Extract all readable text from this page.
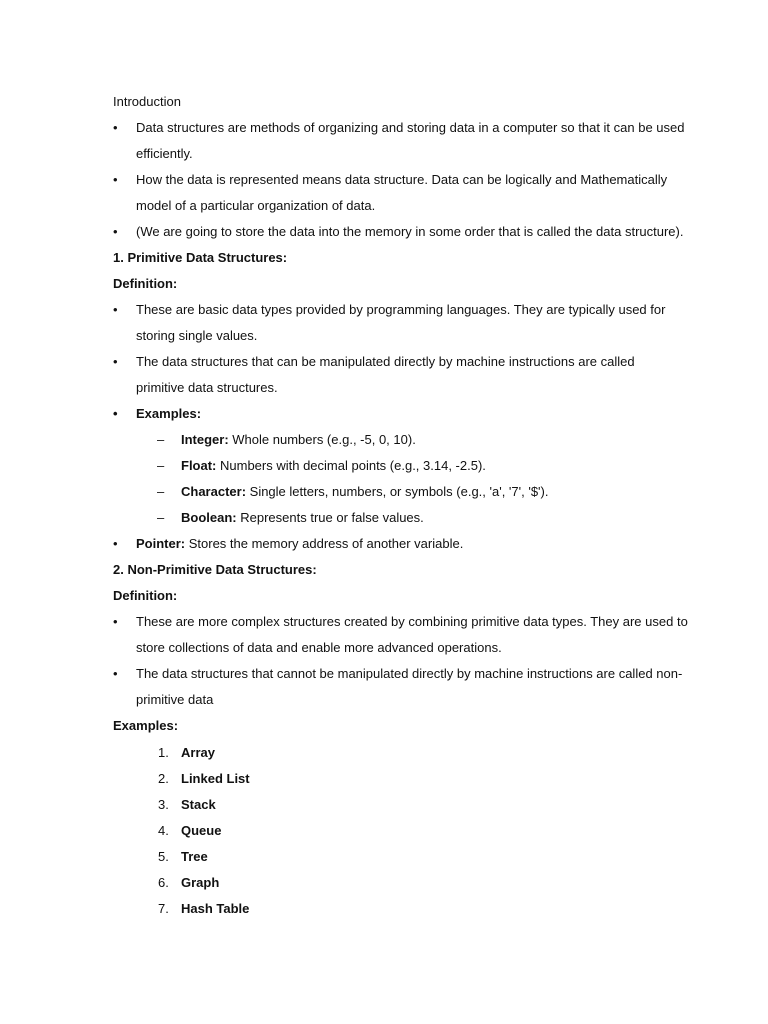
Introduction
• Data structures are methods of organizing and storing data in a computer so that it can be used
efficiently.
• How the data is represented means data structure. Data can be logically and Mathematically
model of a particular organization of data.
• (We are going to store the data into the memory in some order that is called the data structure).
1. Primitive Data Structures:
Definition:
• These are basic data types provided by programming languages. They are typically used for
storing single values.
• The data structures that can be manipulated directly by machine instructions are called
primitive data structures.
• Examples:
– Integer: Whole numbers (e.g., -5, 0, 10).
– Float: Numbers with decimal points (e.g., 3.14, -2.5).
– Character: Single letters, numbers, or symbols (e.g., 'a', '7', '$').
– Boolean: Represents true or false values.
• Pointer: Stores the memory address of another variable.
2. Non-Primitive Data Structures:
Definition:
• These are more complex structures created by combining primitive data types. They are used to
store collections of data and enable more advanced operations.
• The data structures that cannot be manipulated directly by machine instructions are called non-
primitive data
Examples:
1. Array
2. Linked List
3. Stack
4. Queue
5. Tree
6. Graph
7. Hash Table
